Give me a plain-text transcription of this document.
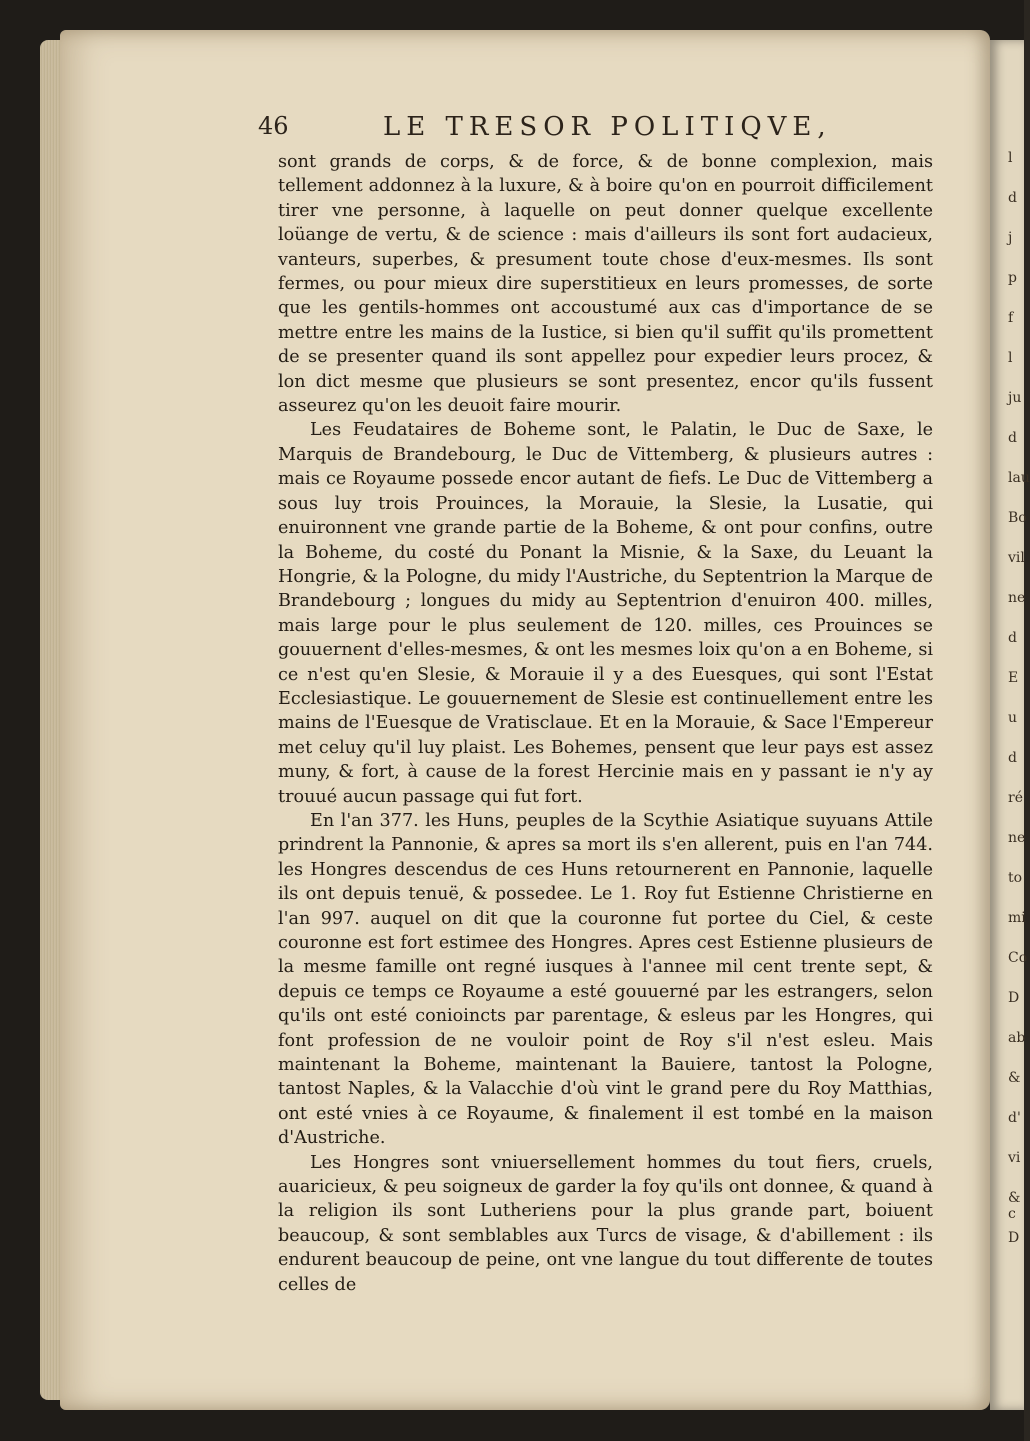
l
d
j
p
f
l
ju
d
lau
Bo
vil
ne
d
E
u
d
ré
ne
to
mi
Co
D
ab
&
d'
vi
& c
D
46	LE TRESOR POLITIQVE,

sont grands de corps, & de force, & de bonne complexion, mais tellement addonnez à la luxure, & à boire qu'on en pourroit difficilement tirer vne personne, à laquelle on peut donner quelque excellente loüange de vertu, & de science : mais d'ailleurs ils sont fort audacieux, vanteurs, superbes, & presument toute chose d'eux-mesmes. Ils sont fermes, ou pour mieux dire superstitieux en leurs promesses, de sorte que les gentils-hommes ont accoustumé aux cas d'importance de se mettre entre les mains de la Iustice, si bien qu'il suffit qu'ils promettent de se presenter quand ils sont appellez pour expedier leurs procez, & lon dict mesme que plusieurs se sont presentez, encor qu'ils fussent asseurez qu'on les deuoit faire mourir.

Les Feudataires de Boheme sont, le Palatin, le Duc de Saxe, le Marquis de Brandebourg, le Duc de Vittemberg, & plusieurs autres : mais ce Royaume possede encor autant de fiefs. Le Duc de Vittemberg a sous luy trois Prouinces, la Morauie, la Slesie, la Lusatie, qui enuironnent vne grande partie de la Boheme, & ont pour confins, outre la Boheme, du costé du Ponant la Misnie, & la Saxe, du Leuant la Hongrie, & la Pologne, du midy l'Austriche, du Septentrion la Marque de Brandebourg ; longues du midy au Septentrion d'enuiron 400. milles, mais large pour le plus seulement de 120. milles, ces Prouinces se gouuernent d'elles-mesmes, & ont les mesmes loix qu'on a en Boheme, si ce n'est qu'en Slesie, & Morauie il y a des Euesques, qui sont l'Estat Ecclesiastique. Le gouuernement de Slesie est continuellement entre les mains de l'Euesque de Vratisclaue. Et en la Morauie, & Sace l'Empereur met celuy qu'il luy plaist. Les Bohemes, pensent que leur pays est assez muny, & fort, à cause de la forest Hercinie mais en y passant ie n'y ay trouué aucun passage qui fut fort.

En l'an 377. les Huns, peuples de la Scythie Asiatique suyuans Attile prindrent la Pannonie, & apres sa mort ils s'en allerent, puis en l'an 744. les Hongres descendus de ces Huns retournerent en Pannonie, laquelle ils ont depuis tenuë, & possedee. Le 1. Roy fut Estienne Christierne en l'an 997. auquel on dit que la couronne fut portee du Ciel, & ceste couronne est fort estimee des Hongres. Apres cest Estienne plusieurs de la mesme famille ont regné iusques à l'annee mil cent trente sept, & depuis ce temps ce Royaume a esté gouuerné par les estrangers, selon qu'ils ont esté conioincts par parentage, & esleus par les Hongres, qui font profession de ne vouloir point de Roy s'il n'est esleu. Mais maintenant la Boheme, maintenant la Bauiere, tantost la Pologne, tantost Naples, & la Valacchie d'où vint le grand pere du Roy Matthias, ont esté vnies à ce Royaume, & finalement il est tombé en la maison d'Austriche.

Les Hongres sont vniuersellement hommes du tout fiers, cruels, auaricieux, & peu soigneux de garder la foy qu'ils ont donnee, & quand à la religion ils sont Lutheriens pour la plus grande part, boiuent beaucoup, & sont semblables aux Turcs de visage, & d'abillement : ils endurent beaucoup de peine, ont vne langue du tout differente de toutes celles de
